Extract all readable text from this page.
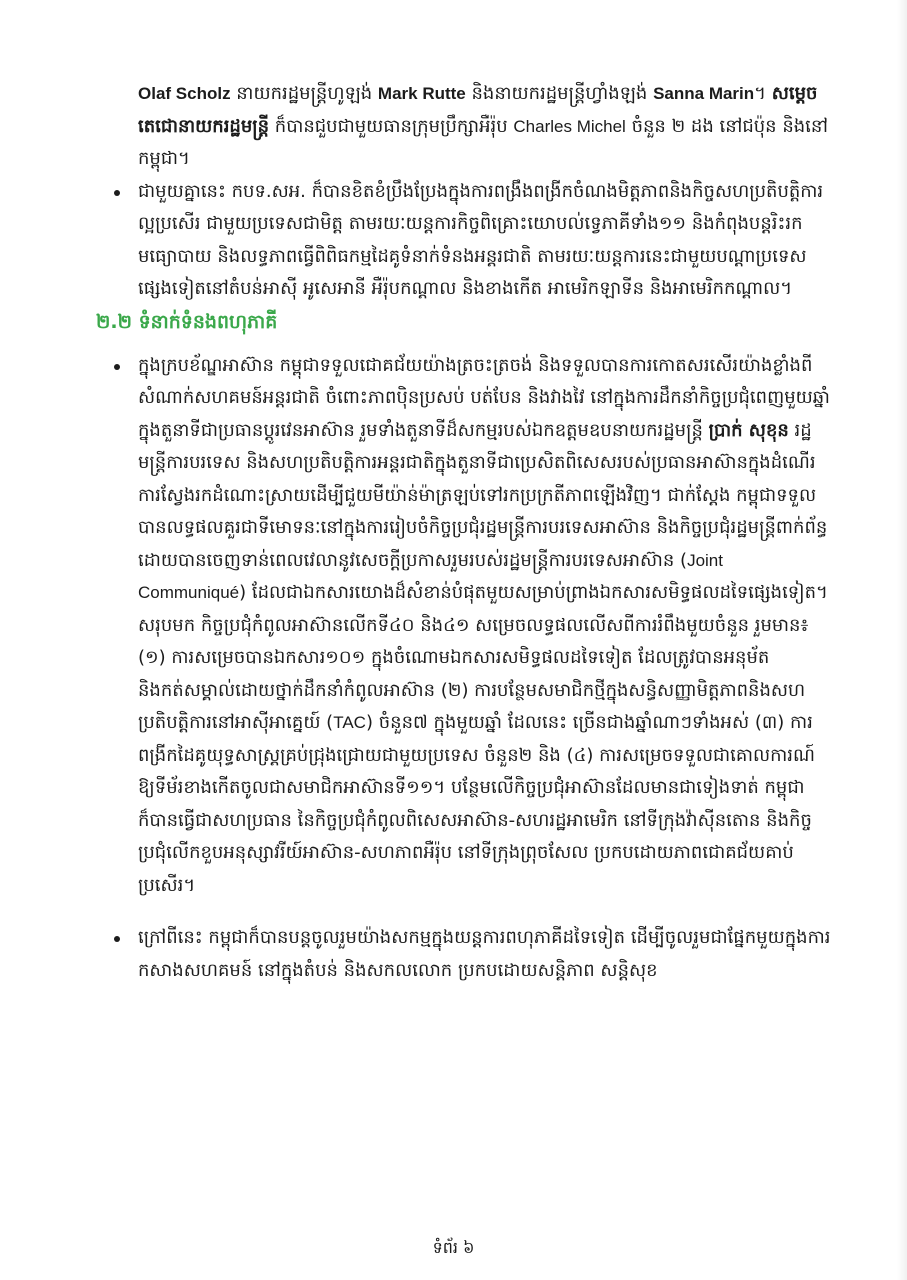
Olaf Scholz នាយករដ្ឋមន្ត្រីហូឡង់ Mark Rutte និងនាយករដ្ឋមន្ត្រីហ្វាំងឡង់ Sanna Marin។ សម្តេចតេជោនាយករដ្ឋមន្ត្រី ក៏បានជួបជាមួយធានក្រុមប្រឹក្សាអឺរ៉ុប Charles Michel ចំនួន ២ ដង នៅជប៉ុន និងនៅកម្ពុជា។

ជាមួយគ្នានេះ កបទ.សអ. ក៏បានខិតខំប្រឹងប្រែងក្នុងការពង្រឹងពង្រីកចំណងមិត្តភាពនិងកិច្ចសហប្រតិបត្តិការល្អប្រសើរ ជាមួយប្រទេសជាមិត្ត តាមរយៈយន្តការកិច្ចពិគ្រោះយោបល់ទ្វេភាគីទាំង១១ និងកំពុងបន្តរិះរកមធ្យោបាយ និងលទ្ធភាពធ្វើពិពិធកម្មដៃគូទំនាក់ទំនងអន្តរជាតិ តាមរយៈយន្តការនេះជាមួយបណ្តាប្រទេសផ្សេងទៀតនៅតំបន់អាស៊ី អូសេអានី អឺរ៉ុបកណ្តាល និងខាងកើត អាមេរិកឡាទីន និងអាមេរិកកណ្តាល។

២.២ ទំនាក់ទំនងពហុភាគី

ក្នុងក្របខ័ណ្ឌអាស៊ាន កម្ពុជាទទួលជោគជ័យយ៉ាងត្រចះត្រចង់ និងទទួលបានការកោតសរសើរយ៉ាងខ្លាំងពីសំណាក់សហគមន៍អន្តរជាតិ ចំពោះភាពប៉ិនប្រសប់ បត់បែន និងវាងវៃ នៅក្នុងការដឹកនាំកិច្ចប្រជុំពេញមួយឆ្នាំក្នុងតួនាទីជាប្រធានប្តូរវេនអាស៊ាន រួមទាំងតួនាទីដ៏សកម្មរបស់ឯកឧត្តមឧបនាយករដ្ឋមន្ត្រី ប្រាក់ សុខុន រដ្ឋមន្ត្រីការបរទេស និងសហប្រតិបត្តិការអន្តរជាតិក្នុងតួនាទីជាប្រេសិតពិសេសរបស់ប្រធានអាស៊ានក្នុងដំណើរការស្វែងរកដំណោះស្រាយដើម្បីជួយមីយ៉ាន់ម៉ាត្រឡប់ទៅរកប្រក្រតីភាពឡើងវិញ។ ជាក់ស្តែង កម្ពុជាទទួលបានលទ្ធផលគួរជាទីមោទនៈនៅក្នុងការរៀបចំកិច្ចប្រជុំរដ្ឋមន្ត្រីការបរទេសអាស៊ាន និងកិច្ចប្រជុំរដ្ឋមន្ត្រីពាក់ព័ន្ធ ដោយបានចេញទាន់ពេលវេលានូវសេចក្តីប្រកាសរួមរបស់រដ្ឋមន្ត្រីការបរទេសអាស៊ាន (Joint Communiqué) ដែលជាឯកសារយោងដ៏សំខាន់បំផុតមួយសម្រាប់ព្រាងឯកសារសមិទ្ធផលដទៃផ្សេងទៀត។ សរុបមក កិច្ចប្រជុំកំពូលអាស៊ានលើកទី៤០ និង៤១ សម្រេចលទ្ធផលលើសពីការរំពឹងមួយចំនួន រួមមាន៖ (១) ការសម្រេចបានឯកសារ១០១ ក្នុងចំណោមឯកសារសមិទ្ធផលដទៃទៀត ដែលត្រូវបានអនុម័ត និងកត់សម្គាល់ដោយថ្នាក់ដឹកនាំកំពូលអាស៊ាន (២) ការបន្ថែមសមាជិកថ្មីក្នុងសន្ធិសញ្ញាមិត្តភាពនិងសហប្រតិបត្តិការនៅអាស៊ីអាគ្នេយ៍ (TAC) ចំនួន៧ ក្នុងមួយឆ្នាំ ដែលនេះ ច្រើនជាងឆ្នាំណាៗទាំងអស់ (៣) ការពង្រីកដៃគូយុទ្ធសាស្ត្រគ្រប់ជ្រុងជ្រោយជាមួយប្រទេស ចំនួន២ និង (៤) ការសម្រេចទទួលជាគោលការណ៍ឱ្យទីម័រខាងកើតចូលជាសមាជិកអាស៊ានទី១១។ បន្ថែមលើកិច្ចប្រជុំអាស៊ានដែលមានជាទៀងទាត់ កម្ពុជាក៏បានធ្វើជាសហប្រធាន នៃកិច្ចប្រជុំកំពូលពិសេសអាស៊ាន-សហរដ្ឋអាមេរិក នៅទីក្រុងវ៉ាស៊ីនតោន និងកិច្ចប្រជុំលើកខួបអនុស្សាវរីយ៍អាស៊ាន-សហភាពអឺរ៉ុប នៅទីក្រុងព្រុចសែល ប្រកបដោយភាពជោគជ័យគាប់ប្រសើរ។

ក្រៅពីនេះ កម្ពុជាក៏បានបន្តចូលរួមយ៉ាងសកម្មក្នុងយន្តការពហុភាគីដទៃទៀត ដើម្បីចូលរួមជាផ្នែកមួយក្នុងការកសាងសហគមន៍ នៅក្នុងតំបន់ និងសកលលោក ប្រកបដោយសន្តិភាព សន្តិសុខ

ទំព័រ ៦
